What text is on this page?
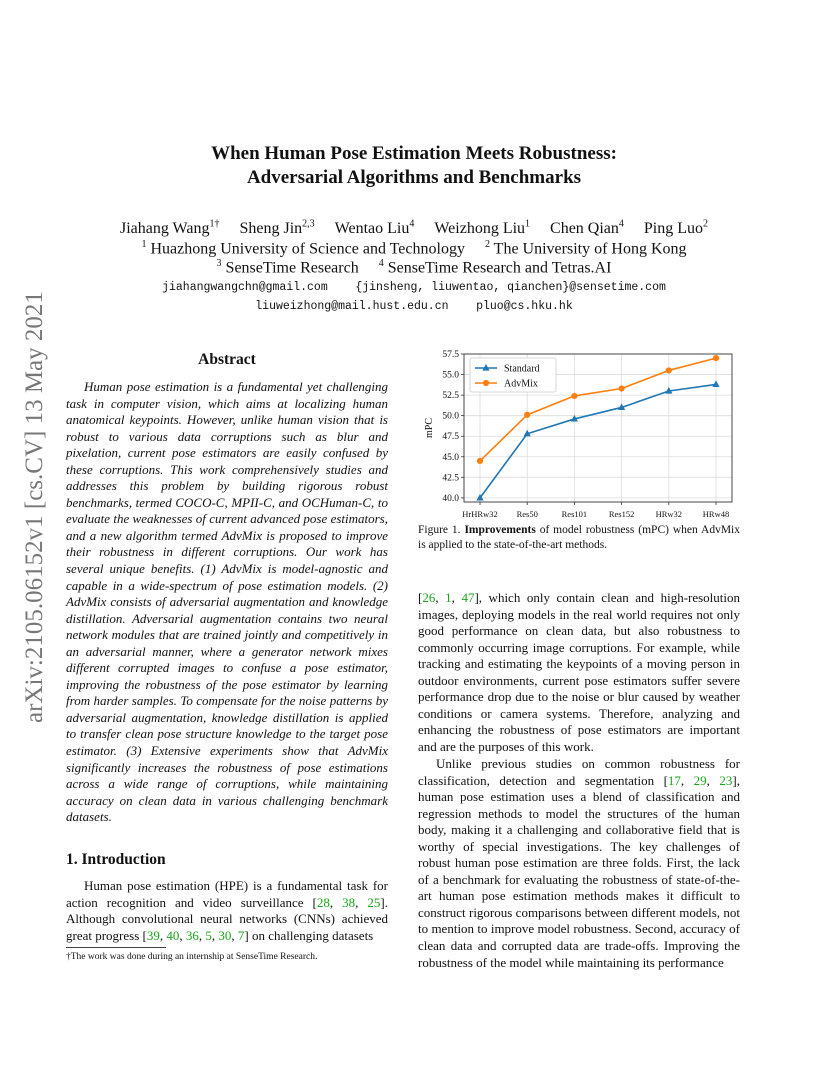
arXiv:2105.06152v1 [cs.CV] 13 May 2021
When Human Pose Estimation Meets Robustness:
Adversarial Algorithms and Benchmarks
Jiahang Wang$^{1\dagger}$ Sheng Jin$^{2,3}$ Wentao Liu$^4$ Weizhong Liu$^1$ Chen Qian$^4$ Ping Luo$^2$
$^1$ Huazhong University of Science and Technology $^2$ The University of Hong Kong
$^3$ SenseTime Research $^4$ SenseTime Research and Tetras.AI
jiahangwangchn@gmail.com    {jinsheng, liuwentao, qianchen}@sensetime.com
liuweizhong@mail.hust.edu.cn    pluo@cs.hku.hk
Abstract

Human pose estimation is a fundamental yet challenging task in computer vision, which aims at localizing human anatomical keypoints. However, unlike human vision that is robust to various data corruptions such as blur and pixelation, current pose estimators are easily confused by these corruptions. This work comprehensively studies and addresses this problem by building rigorous robust benchmarks, termed COCO-C, MPII-C, and OCHuman-C, to evaluate the weaknesses of current advanced pose estimators, and a new algorithm termed AdvMix is proposed to improve their robustness in different corruptions. Our work has several unique benefits. (1) AdvMix is model-agnostic and capable in a wide-spectrum of pose estimation models. (2) AdvMix consists of adversarial augmentation and knowledge distillation. Adversarial augmentation contains two neural network modules that are trained jointly and competitively in an adversarial manner, where a generator network mixes different corrupted images to confuse a pose estimator, improving the robustness of the pose estimator by learning from harder samples. To compensate for the noise patterns by adversarial augmentation, knowledge distillation is applied to transfer clean pose structure knowledge to the target pose estimator. (3) Extensive experiments show that AdvMix significantly increases the robustness of pose estimations across a wide range of corruptions, while maintaining accuracy on clean data in various challenging benchmark datasets.

1. Introduction

Human pose estimation (HPE) is a fundamental task for action recognition and video surveillance [28, 38, 25]. Although convolutional neural networks (CNNs) achieved great progress [39, 40, 36, 5, 30, 7] on challenging datasets

†The work was done during an internship at SenseTime Research.
40.0
42.5
45.0
47.5
50.0
52.5
55.0
57.5
HrHRw32 Res50	Res101	Res152 HRw32 HRw48
mPC
Standard
AdvMix
Figure 1. Improvements of model robustness (mPC) when AdvMix is applied to the state-of-the-art methods.

[26, 1, 47], which only contain clean and high-resolution images, deploying models in the real world requires not only good performance on clean data, but also robustness to commonly occurring image corruptions. For example, while tracking and estimating the keypoints of a moving person in outdoor environments, current pose estimators suffer severe performance drop due to the noise or blur caused by weather conditions or camera systems. Therefore, analyzing and enhancing the robustness of pose estimators are important and are the purposes of this work.

Unlike previous studies on common robustness for classification, detection and segmentation [17, 29, 23], human pose estimation uses a blend of classification and regression methods to model the structures of the human body, making it a challenging and collaborative field that is worthy of special investigations. The key challenges of robust human pose estimation are three folds. First, the lack of a benchmark for evaluating the robustness of state-of-the-art human pose estimation methods makes it difficult to construct rigorous comparisons between different models, not to mention to improve model robustness. Second, accuracy of clean data and corrupted data are trade-offs. Improving the robustness of the model while maintaining its performance
